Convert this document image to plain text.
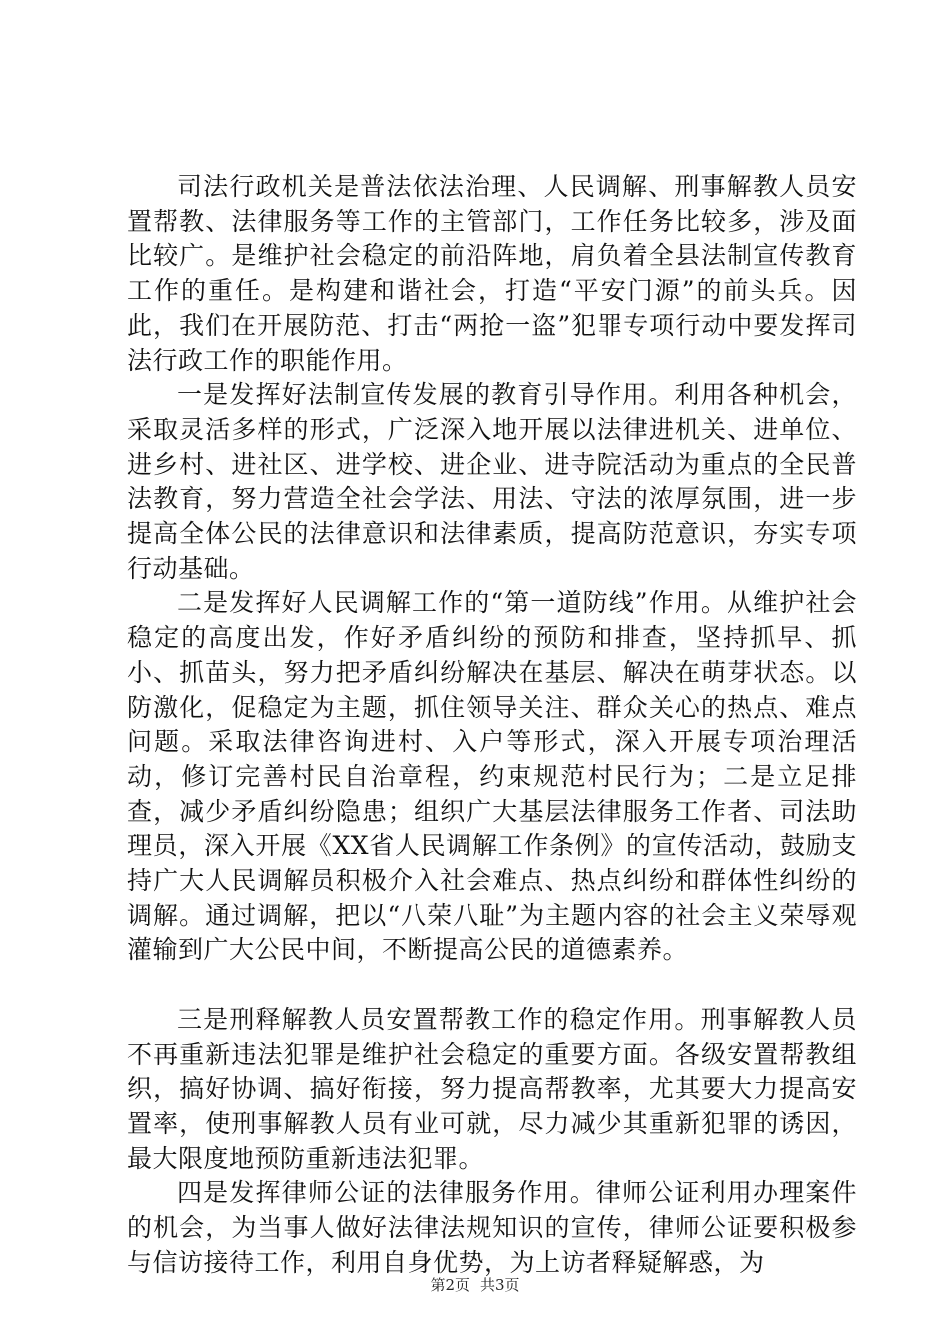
司法行政机关是普法依法治理、人民调解、刑事解教人员安置帮教、法律服务等工作的主管部门，工作任务比较多，涉及面比较广。是维护社会稳定的前沿阵地，肩负着全县法制宣传教育工作的重任。是构建和谐社会，打造“平安门源”的前头兵。因此，我们在开展防范、打击“两抢一盗”犯罪专项行动中要发挥司法行政工作的职能作用。

一是发挥好法制宣传发展的教育引导作用。利用各种机会，采取灵活多样的形式，广泛深入地开展以法律进机关、进单位、进乡村、进社区、进学校、进企业、进寺院活动为重点的全民普法教育，努力营造全社会学法、用法、守法的浓厚氛围，进一步提高全体公民的法律意识和法律素质，提高防范意识，夯实专项行动基础。

二是发挥好人民调解工作的“第一道防线”作用。从维护社会稳定的高度出发，作好矛盾纠纷的预防和排查，坚持抓早、抓小、抓苗头，努力把矛盾纠纷解决在基层、解决在萌芽状态。以防激化，促稳定为主题，抓住领导关注、群众关心的热点、难点问题。采取法律咨询进村、入户等形式，深入开展专项治理活动，修订完善村民自治章程，约束规范村民行为；二是立足排查，减少矛盾纠纷隐患；组织广大基层法律服务工作者、司法助理员，深入开展《XX省人民调解工作条例》的宣传活动，鼓励支持广大人民调解员积极介入社会难点、热点纠纷和群体性纠纷的调解。通过调解，把以“八荣八耻”为主题内容的社会主义荣辱观灌输到广大公民中间，不断提高公民的道德素养。

三是刑释解教人员安置帮教工作的稳定作用。刑事解教人员不再重新违法犯罪是维护社会稳定的重要方面。各级安置帮教组织，搞好协调、搞好衔接，努力提高帮教率，尤其要大力提高安置率，使刑事解教人员有业可就，尽力减少其重新犯罪的诱因，最大限度地预防重新违法犯罪。

四是发挥律师公证的法律服务作用。律师公证利用办理案件的机会，为当事人做好法律法规知识的宣传，律师公证要积极参与信访接待工作，利用自身优势，为上访者释疑解惑，为

第2页 共3页
